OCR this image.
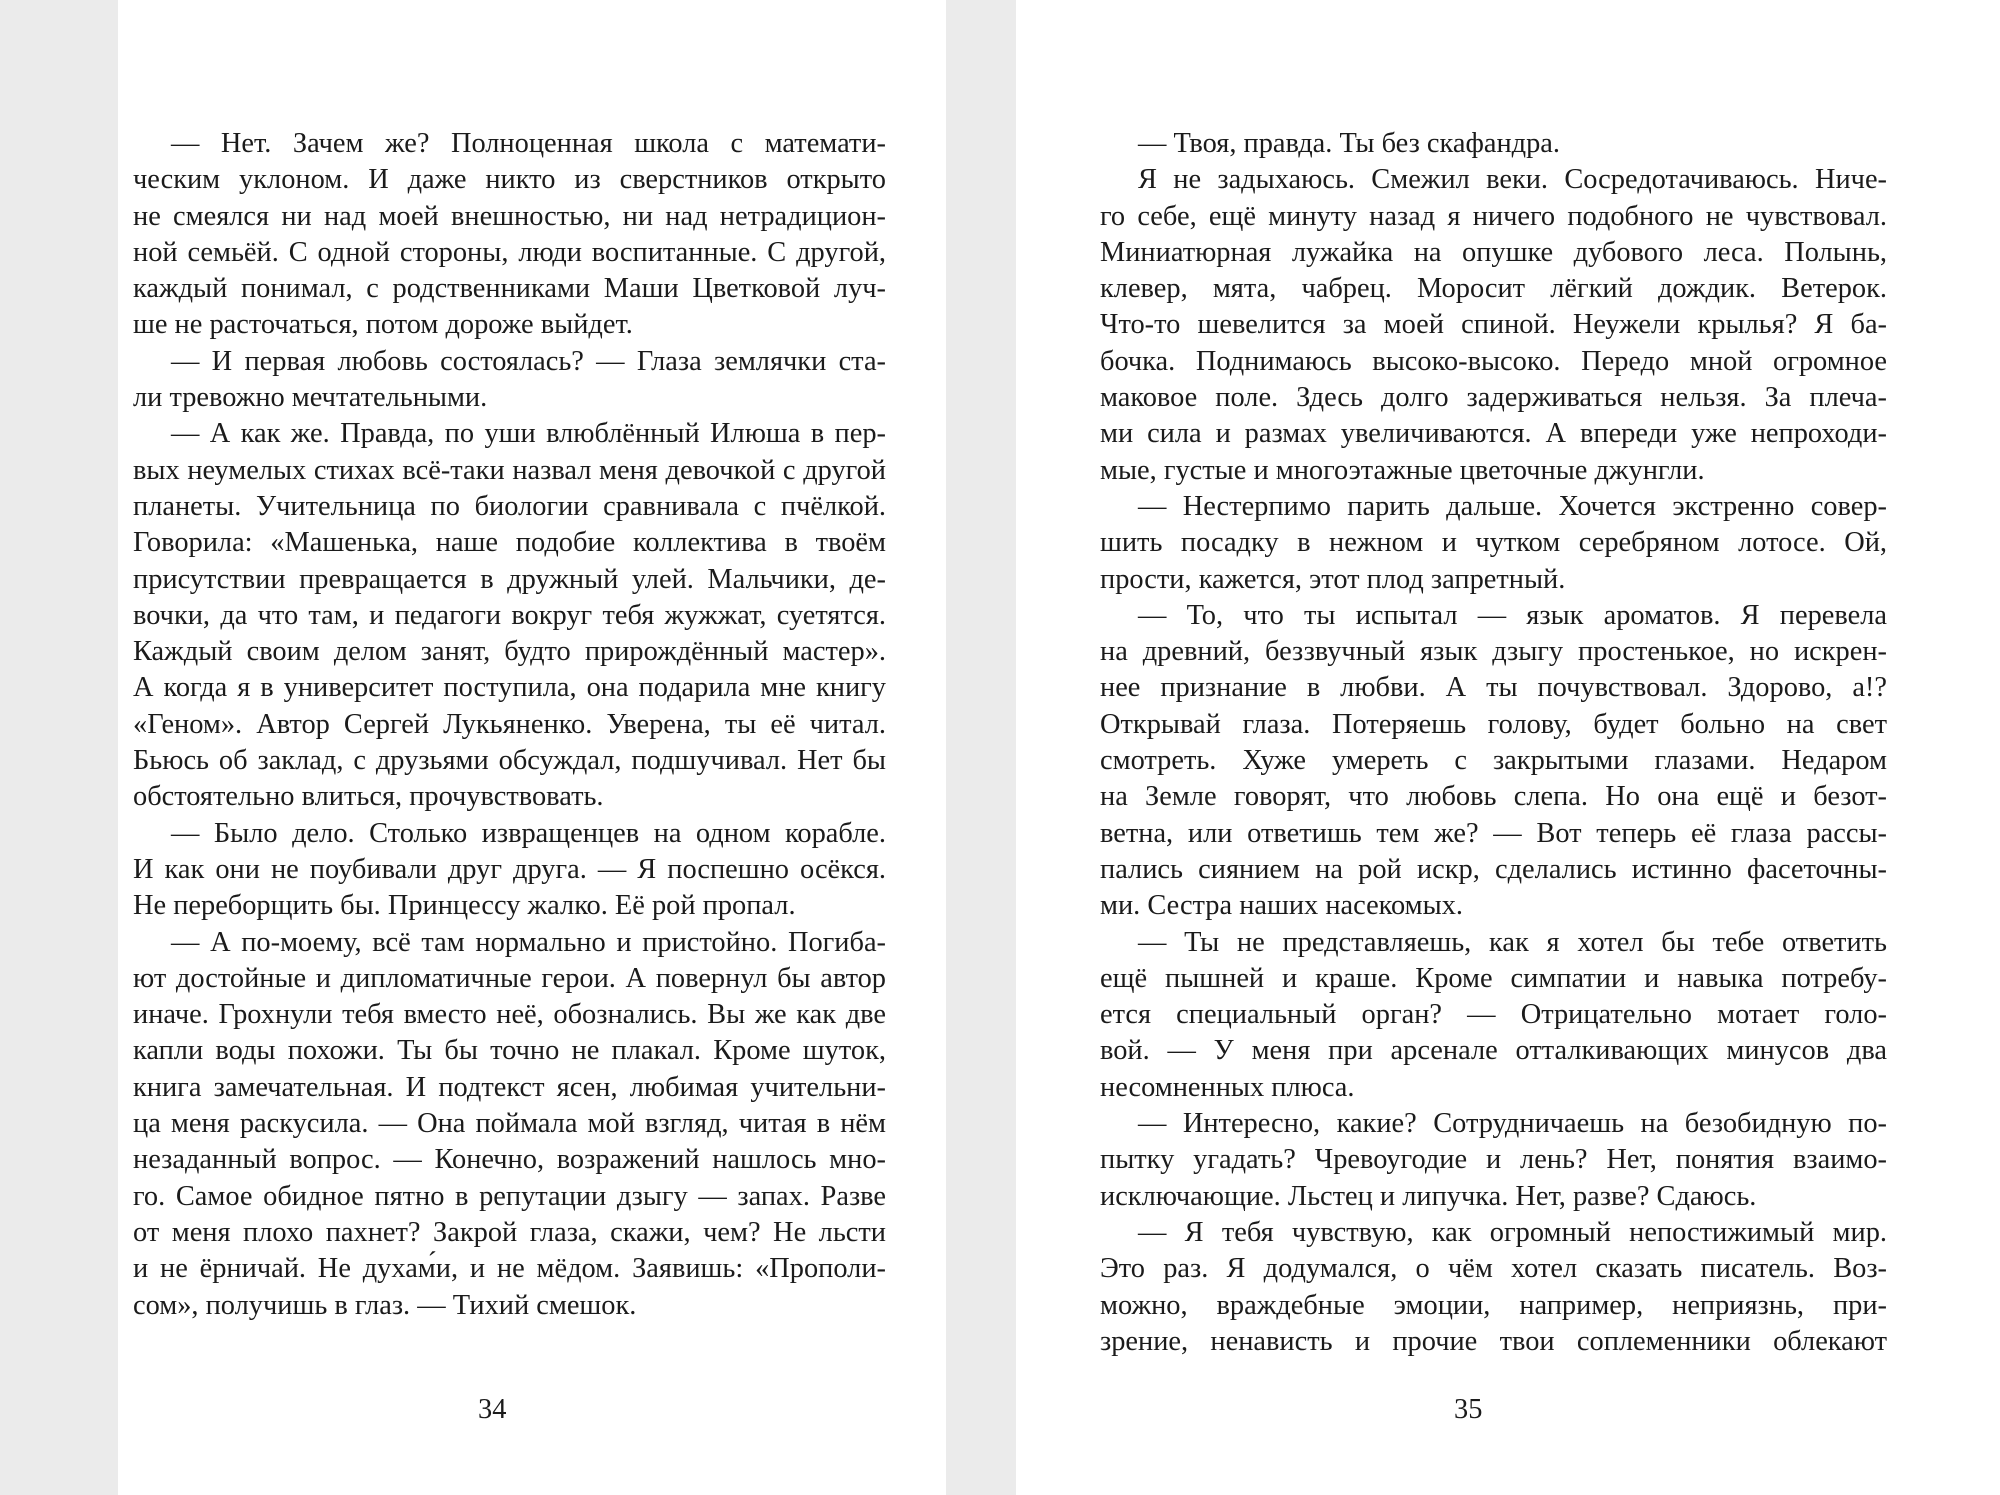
— Нет. Зачем же? Полноценная школа с математи-
ческим уклоном. И даже никто из сверстников открыто
не смеялся ни над моей внешностью, ни над нетрадицион-
ной семьёй. С одной стороны, люди воспитанные. С другой,
каждый понимал, с родственниками Маши Цветковой луч-
ше не расточаться, потом дороже выйдет.
— И первая любовь состоялась? — Глаза землячки ста-
ли тревожно мечтательными.
— А как же. Правда, по уши влюблённый Илюша в пер-
вых неумелых стихах всё-таки назвал меня девочкой с другой
планеты. Учительница по биологии сравнивала с пчёлкой.
Говорила: «Машенька, наше подобие коллектива в твоём
присутствии превращается в дружный улей. Мальчики, де-
вочки, да что там, и педагоги вокруг тебя жужжат, суетятся.
Каждый своим делом занят, будто прирождённый мастер».
А когда я в университет поступила, она подарила мне книгу
«Геном». Автор Сергей Лукьяненко. Уверена, ты её читал.
Бьюсь об заклад, с друзьями обсуждал, подшучивал. Нет бы
обстоятельно влиться, прочувствовать.
— Было дело. Столько извращенцев на одном корабле.
И как они не поубивали друг друга. — Я поспешно осёкся.
Не переборщить бы. Принцессу жалко. Её рой пропал.
— А по-моему, всё там нормально и пристойно. Погиба-
ют достойные и дипломатичные герои. А повернул бы автор
иначе. Грохнули тебя вместо неё, обознались. Вы же как две
капли воды похожи. Ты бы точно не плакал. Кроме шуток,
книга замечательная. И подтекст ясен, любимая учительни-
ца меня раскусила. — Она поймала мой взгляд, читая в нём
незаданный вопрос. — Конечно, возражений нашлось мно-
го. Самое обидное пятно в репутации дзыгу — запах. Разве
от меня плохо пахнет? Закрой глаза, скажи, чем? Не льсти
и не ёрничай. Не духам́и, и не мёдом. Заявишь: «Прополи-
сом», получишь в глаз. — Тихий смешок.
34
— Твоя, правда. Ты без скафандра.
Я не задыхаюсь. Смежил веки. Сосредотачиваюсь. Ниче-
го себе, ещё минуту назад я ничего подобного не чувствовал.
Миниатюрная лужайка на опушке дубового леса. Полынь,
клевер, мята, чабрец. Моросит лёгкий дождик. Ветерок.
Что-то шевелится за моей спиной. Неужели крылья? Я ба-
бочка. Поднимаюсь высоко-высоко. Передо мной огромное
маковое поле. Здесь долго задерживаться нельзя. За плеча-
ми сила и размах увеличиваются. А впереди уже непроходи-
мые, густые и многоэтажные цветочные джунгли.
— Нестерпимо парить дальше. Хочется экстренно совер-
шить посадку в нежном и чутком серебряном лотосе. Ой,
прости, кажется, этот плод запретный.
— То, что ты испытал — язык ароматов. Я перевела
на древний, беззвучный язык дзыгу простенькое, но искрен-
нее признание в любви. А ты почувствовал. Здорово, а!?
Открывай глаза. Потеряешь голову, будет больно на свет
смотреть. Хуже умереть с закрытыми глазами. Недаром
на Земле говорят, что любовь слепа. Но она ещё и безот-
ветна, или ответишь тем же? — Вот теперь её глаза рассы-
пались сиянием на рой искр, сделались истинно фасеточны-
ми. Сестра наших насекомых.
— Ты не представляешь, как я хотел бы тебе ответить
ещё пышней и краше. Кроме симпатии и навыка потребу-
ется специальный орган? — Отрицательно мотает голо-
вой. — У меня при арсенале отталкивающих минусов два
несомненных плюса.
— Интересно, какие? Сотрудничаешь на безобидную по-
пытку угадать? Чревоугодие и лень? Нет, понятия взаимо-
исключающие. Льстец и липучка. Нет, разве? Сдаюсь.
— Я тебя чувствую, как огромный непостижимый мир.
Это раз. Я додумался, о чём хотел сказать писатель. Воз-
можно, враждебные эмоции, например, неприязнь, при-
зрение, ненависть и прочие твои соплеменники облекают
35
